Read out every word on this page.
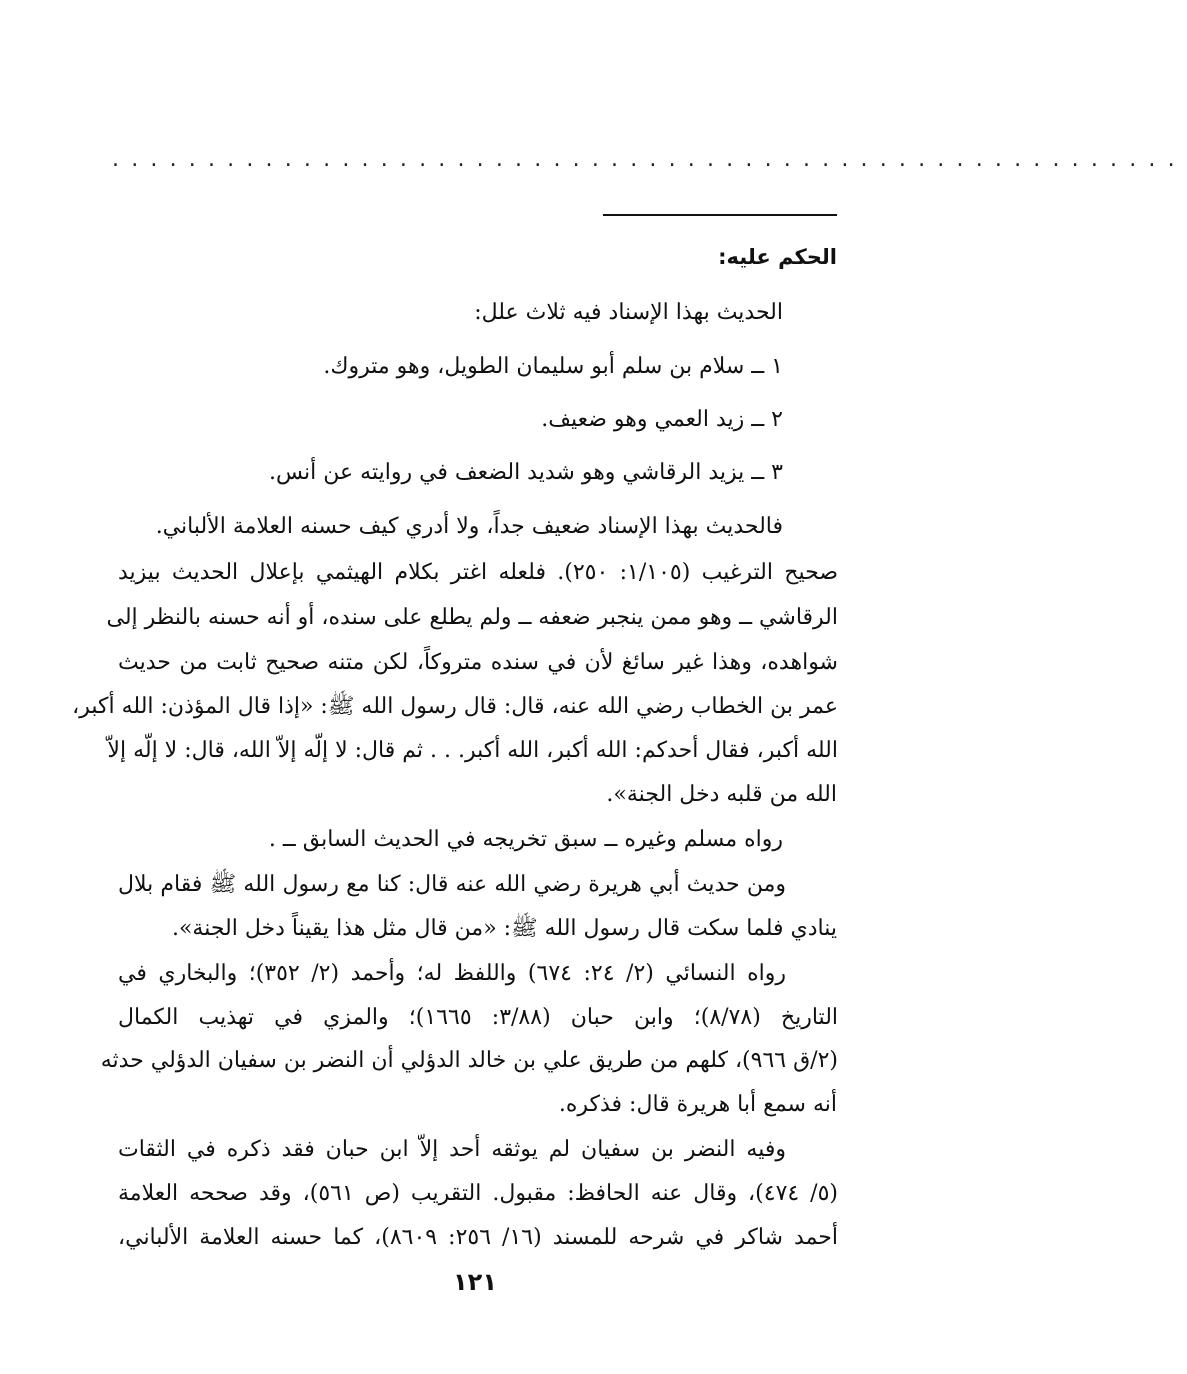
........................................................
الحكم عليه:
الحديث بهذا الإسناد فيه ثلاث علل:
١ ــ سلام بن سلم أبو سليمان الطويل، وهو متروك.
٢ ــ زيد العمي وهو ضعيف.
٣ ــ يزيد الرقاشي وهو شديد الضعف في روايته عن أنس.
فالحديث بهذا الإسناد ضعيف جداً، ولا أدري كيف حسنه العلامة الألباني.
صحيح الترغيب (١/١٠٥: ٢٥٠). فلعله اغتر بكلام الهيثمي بإعلال الحديث بيزيد
الرقاشي ــ وهو ممن ينجبر ضعفه ــ ولم يطلع على سنده، أو أنه حسنه بالنظر إلى
شواهده، وهذا غير سائغ لأن في سنده متروكاً، لكن متنه صحيح ثابت من حديث
عمر بن الخطاب رضي الله عنه، قال: قال رسول الله ﷺ: «إذا قال المؤذن: الله أكبر،
الله أكبر، فقال أحدكم: الله أكبر، الله أكبر. . . ثم قال: لا إلّه إلاّ الله، قال: لا إلّه إلاّ
الله من قلبه دخل الجنة».
رواه مسلم وغيره ــ سبق تخريجه في الحديث السابق ــ .
ومن حديث أبي هريرة رضي الله عنه قال: كنا مع رسول الله ﷺ فقام بلال
ينادي فلما سكت قال رسول الله ﷺ: «من قال مثل هذا يقيناً دخل الجنة».
رواه النسائي (٢/ ٢٤: ٦٧٤) واللفظ له؛ وأحمد (٢/ ٣٥٢)؛ والبخاري في
التاريخ (٨/٧٨)؛ وابن حبان (٣/٨٨: ١٦٦٥)؛ والمزي في تهذيب الكمال
(٢/ق ٩٦٦)، كلهم من طريق علي بن خالد الدؤلي أن النضر بن سفيان الدؤلي حدثه
أنه سمع أبا هريرة قال: فذكره.
وفيه النضر بن سفيان لم يوثقه أحد إلاّ ابن حبان فقد ذكره في الثقات
(٥/ ٤٧٤)، وقال عنه الحافظ: مقبول. التقريب (ص ٥٦١)، وقد صححه العلامة
أحمد شاكر في شرحه للمسند (١٦/ ٢٥٦: ٨٦٠٩)، كما حسنه العلامة الألباني،
١٢١
